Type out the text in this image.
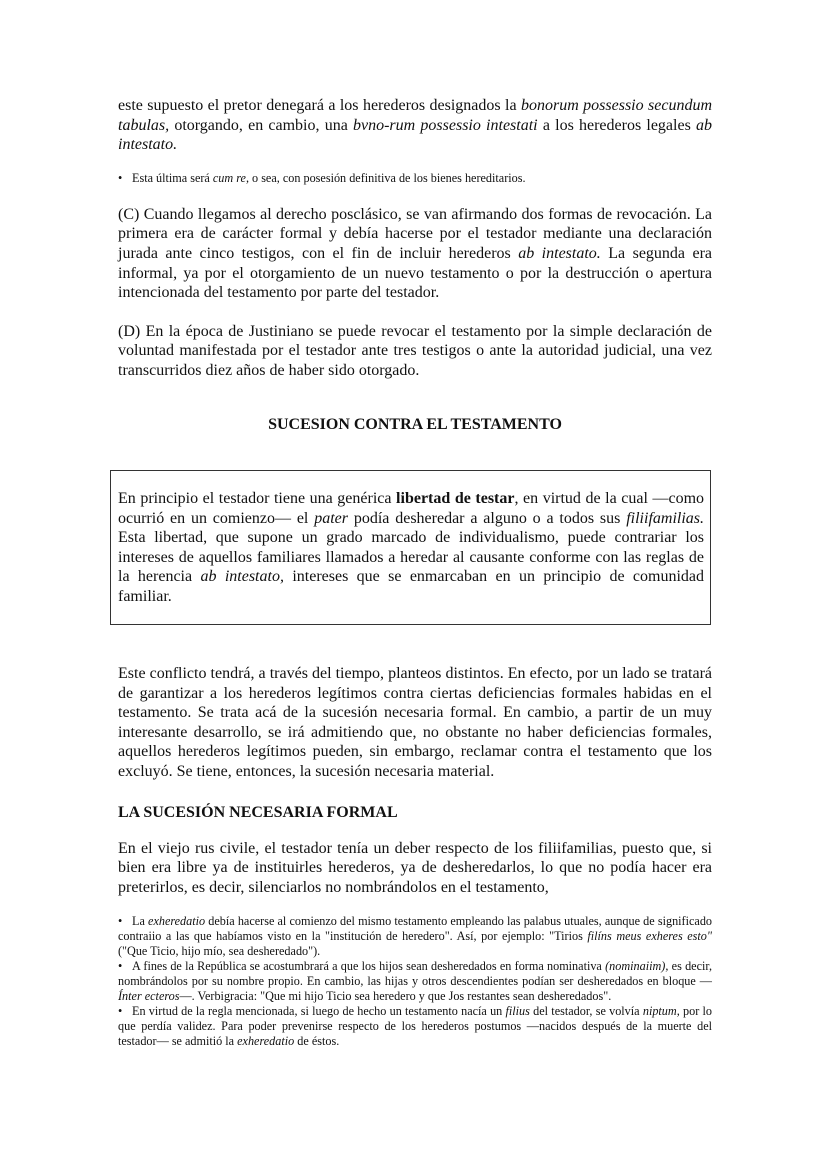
este supuesto el pretor denegará a los herederos designados la bonorum possessio secundum tabulas, otorgando, en cambio, una bvno-rum possessio intestati a los herederos legales ab intestato.

• Esta última será cum re, o sea, con posesión definitiva de los bienes hereditarios.

(C) Cuando llegamos al derecho posclásico, se van afirmando dos formas de revocación. La primera era de carácter formal y debía hacerse por el testador mediante una declaración jurada ante cinco testigos, con el fin de incluir herederos ab intestato. La segunda era informal, ya por el otorgamiento de un nuevo testamento o por la destrucción o apertura intencionada del testamento por parte del testador.

(D) En la época de Justiniano se puede revocar el testamento por la simple declaración de voluntad manifestada por el testador ante tres testigos o ante la autoridad judicial, una vez transcurridos diez años de haber sido otorgado.

SUCESION CONTRA EL TESTAMENTO

En principio el testador tiene una genérica libertad de testar, en virtud de la cual —como ocurrió en un comienzo— el pater podía desheredar a alguno o a todos sus filiifamilias. Esta libertad, que supone un grado marcado de individualismo, puede contrariar los intereses de aquellos familiares llamados a heredar al causante conforme con las reglas de la herencia ab intestato, intereses que se enmarcaban en un principio de comunidad familiar.

Este conflicto tendrá, a través del tiempo, planteos distintos. En efecto, por un lado se tratará de garantizar a los herederos legítimos contra ciertas deficiencias formales habidas en el testamento. Se trata acá de la sucesión necesaria formal. En cambio, a partir de un muy interesante desarrollo, se irá admitiendo que, no obstante no haber deficiencias formales, aquellos herederos legítimos pueden, sin embargo, reclamar contra el testamento que los excluyó. Se tiene, entonces, la sucesión necesaria material.

LA SUCESIÓN NECESARIA FORMAL

En el viejo rus civile, el testador tenía un deber respecto de los filiifamilias, puesto que, si bien era libre ya de instituirles herederos, ya de desheredarlos, lo que no podía hacer era preterirlos, es decir, silenciarlos no nombrándolos en el testamento,

• La exheredatio debía hacerse al comienzo del mismo testamento empleando las palabus utuales, aunque de significado contraiio a las que habíamos visto en la "institución de heredero". Así, por ejemplo: "Tirios filíns meus exheres esto" ("Que Ticio, hijo mío, sea desheredado").

• A fines de la República se acostumbrará a que los hijos sean desheredados en forma nominativa (nominaiim), es decir, nombrándolos por su nombre propio. En cambio, las hijas y otros descendientes podían ser desheredados en bloque —Ínter ecteros—. Verbigracia: "Que mi hijo Ticio sea heredero y que Jos restantes sean desheredados".

• En virtud de la regla mencionada, si luego de hecho un testamento nacía un filius del testador, se volvía niptum, por lo que perdía validez. Para poder prevenirse respecto de los herederos postumos —nacidos después de la muerte del testador— se admitió la exheredatio de éstos.
